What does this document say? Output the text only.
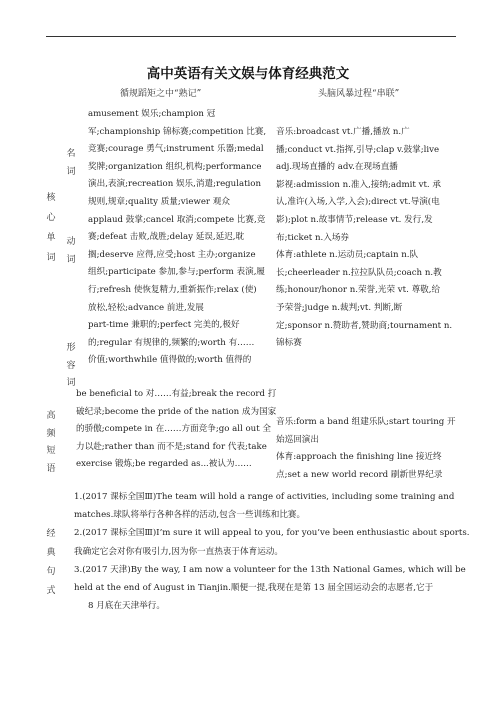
高中英语有关文娱与体育经典范文
循规蹈矩之中“熟记”	头脑风暴过程“串联”
核
心
单
词
名
词
动
词
形
容
词
高
频
短
语
经
典
句
式
amusement 娱乐;champion 冠
军;championship 锦标赛;competition 比赛,
竞赛;courage 勇气;instrument 乐器;medal
奖牌;organization 组织,机构;performance
演出,表演;recreation 娱乐,消遣;regulation
规则,规章;quality 质量;viewer 观众
applaud 鼓掌;cancel 取消;compete 比赛,竞
赛;defeat 击败,战胜;delay 延误,延迟,耽
搁;deserve 应得,应受;host 主办;organize
组织;participate 参加,参与;perform 表演,履
行;refresh 使恢复精力,重新振作;relax (使)
放松,轻松;advance 前进,发展
part-time 兼职的;perfect 完美的,极好
的;regular 有规律的,频繁的;worth 有……
价值;worthwhile 值得做的;worth 值得的
音乐:broadcast vt.广播,播放 n.广
播;conduct vt.指挥,引导;clap v.鼓掌;live
adj.现场直播的 adv.在现场直播
影视:admission n.准入,接纳;admit vt. 承
认,准许(入场,入学,入会);direct vt.导演(电
影);plot n.故事情节;release vt. 发行,发
布;ticket n.入场券
体育:athlete n.运动员;captain n.队
长;cheerleader n.拉拉队队员;coach n.教
练;honour/honor n.荣誉,光荣 vt. 尊敬,给
予荣誉;judge n.裁判;vt. 判断,断
定;sponsor n.赞助者,赞助商;tournament n.
锦标赛
be beneficial to 对……有益;break the record 打
破纪录;become the pride of the nation 成为国家
的骄傲;compete in 在……方面竞争;go all out 全
力以赴;rather than 而不是;stand for 代表;take
exercise 锻炼;be regarded as...被认为……
音乐:form a band 组建乐队;start touring 开
始巡回演出
体育:approach the finishing line 接近终
点;set a new world record 刷新世界纪录
1.(2017 课标全国Ⅲ)The team will hold a range of activities, including some training and
matches.球队将举行各种各样的活动,包含一些训练和比赛。
2.(2017 课标全国Ⅲ)I’m sure it will appeal to you, for you’ve been enthusiastic about sports.
我确定它会对你有吸引力,因为你一直热衷于体育运动。
3.(2017 天津)By the way, I am now a volunteer for the 13th National Games, which will be
held at the end of August in Tianjin.顺便一提,我现在是第 13 届全国运动会的志愿者,它于
8 月底在天津举行。
